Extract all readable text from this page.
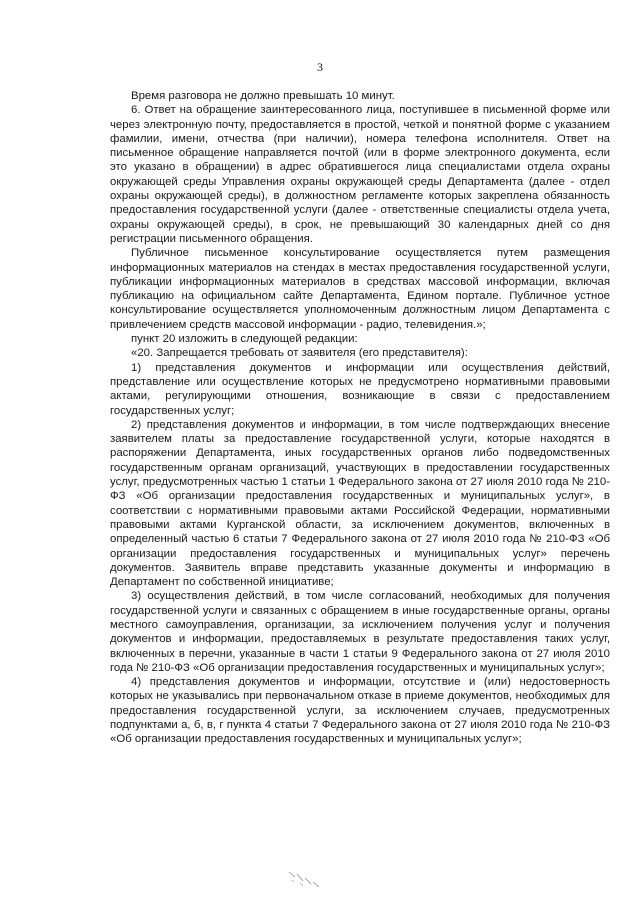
3

Время разговора не должно превышать 10 минут.

6. Ответ на обращение заинтересованного лица, поступившее в письменной форме или через электронную почту, предоставляется в простой, четкой и понятной форме с указанием фамилии, имени, отчества (при наличии), номера телефона исполнителя. Ответ на письменное обращение направляется почтой (или в форме электронного документа, если это указано в обращении) в адрес обратившегося лица специалистами отдела охраны окружающей среды Управления охраны окружающей среды Департамента (далее - отдел охраны окружающей среды), в должностном регламенте которых закреплена обязанность предоставления государственной услуги (далее - ответственные специалисты отдела учета, охраны окружающей среды), в срок, не превышающий 30 календарных дней со дня регистрации письменного обращения.

Публичное письменное консультирование осуществляется путем размещения информационных материалов на стендах в местах предоставления государственной услуги, публикации информационных материалов в средствах массовой информации, включая публикацию на официальном сайте Департамента, Едином портале. Публичное устное консультирование осуществляется уполномоченным должностным лицом Департамента с привлечением средств массовой информации - радио, телевидения.»;

пункт 20 изложить в следующей редакции:

«20. Запрещается требовать от заявителя (его представителя):

1) представления документов и информации или осуществления действий, представление или осуществление которых не предусмотрено нормативными правовыми актами, регулирующими отношения, возникающие в связи с предоставлением государственных услуг;

2) представления документов и информации, в том числе подтверждающих внесение заявителем платы за предоставление государственной услуги, которые находятся в распоряжении Департамента, иных государственных органов либо подведомственных государственным органам организаций, участвующих в предоставлении государственных услуг, предусмотренных частью 1 статьи 1 Федерального закона от 27 июля 2010 года № 210-ФЗ «Об организации предоставления государственных и муниципальных услуг», в соответствии с нормативными правовыми актами Российской Федерации, нормативными правовыми актами Курганской области, за исключением документов, включенных в определенный частью 6 статьи 7 Федерального закона от 27 июля 2010 года № 210-ФЗ «Об организации предоставления государственных и муниципальных услуг» перечень документов. Заявитель вправе представить указанные документы и информацию в Департамент по собственной инициативе;

3) осуществления действий, в том числе согласований, необходимых для получения государственной услуги и связанных с обращением в иные государственные органы, органы местного самоуправления, организации, за исключением получения услуг и получения документов и информации, предоставляемых в результате предоставления таких услуг, включенных в перечни, указанные в части 1 статьи 9 Федерального закона от 27 июля 2010 года № 210-ФЗ «Об организации предоставления государственных и муниципальных услуг»;

4) представления документов и информации, отсутствие и (или) недостоверность которых не указывались при первоначальном отказе в приеме документов, необходимых для предоставления государственной услуги, за исключением случаев, предусмотренных подпунктами а, б, в, г пункта 4 статьи 7 Федерального закона от 27 июля 2010 года № 210-ФЗ «Об организации предоставления государственных и муниципальных услуг»;
